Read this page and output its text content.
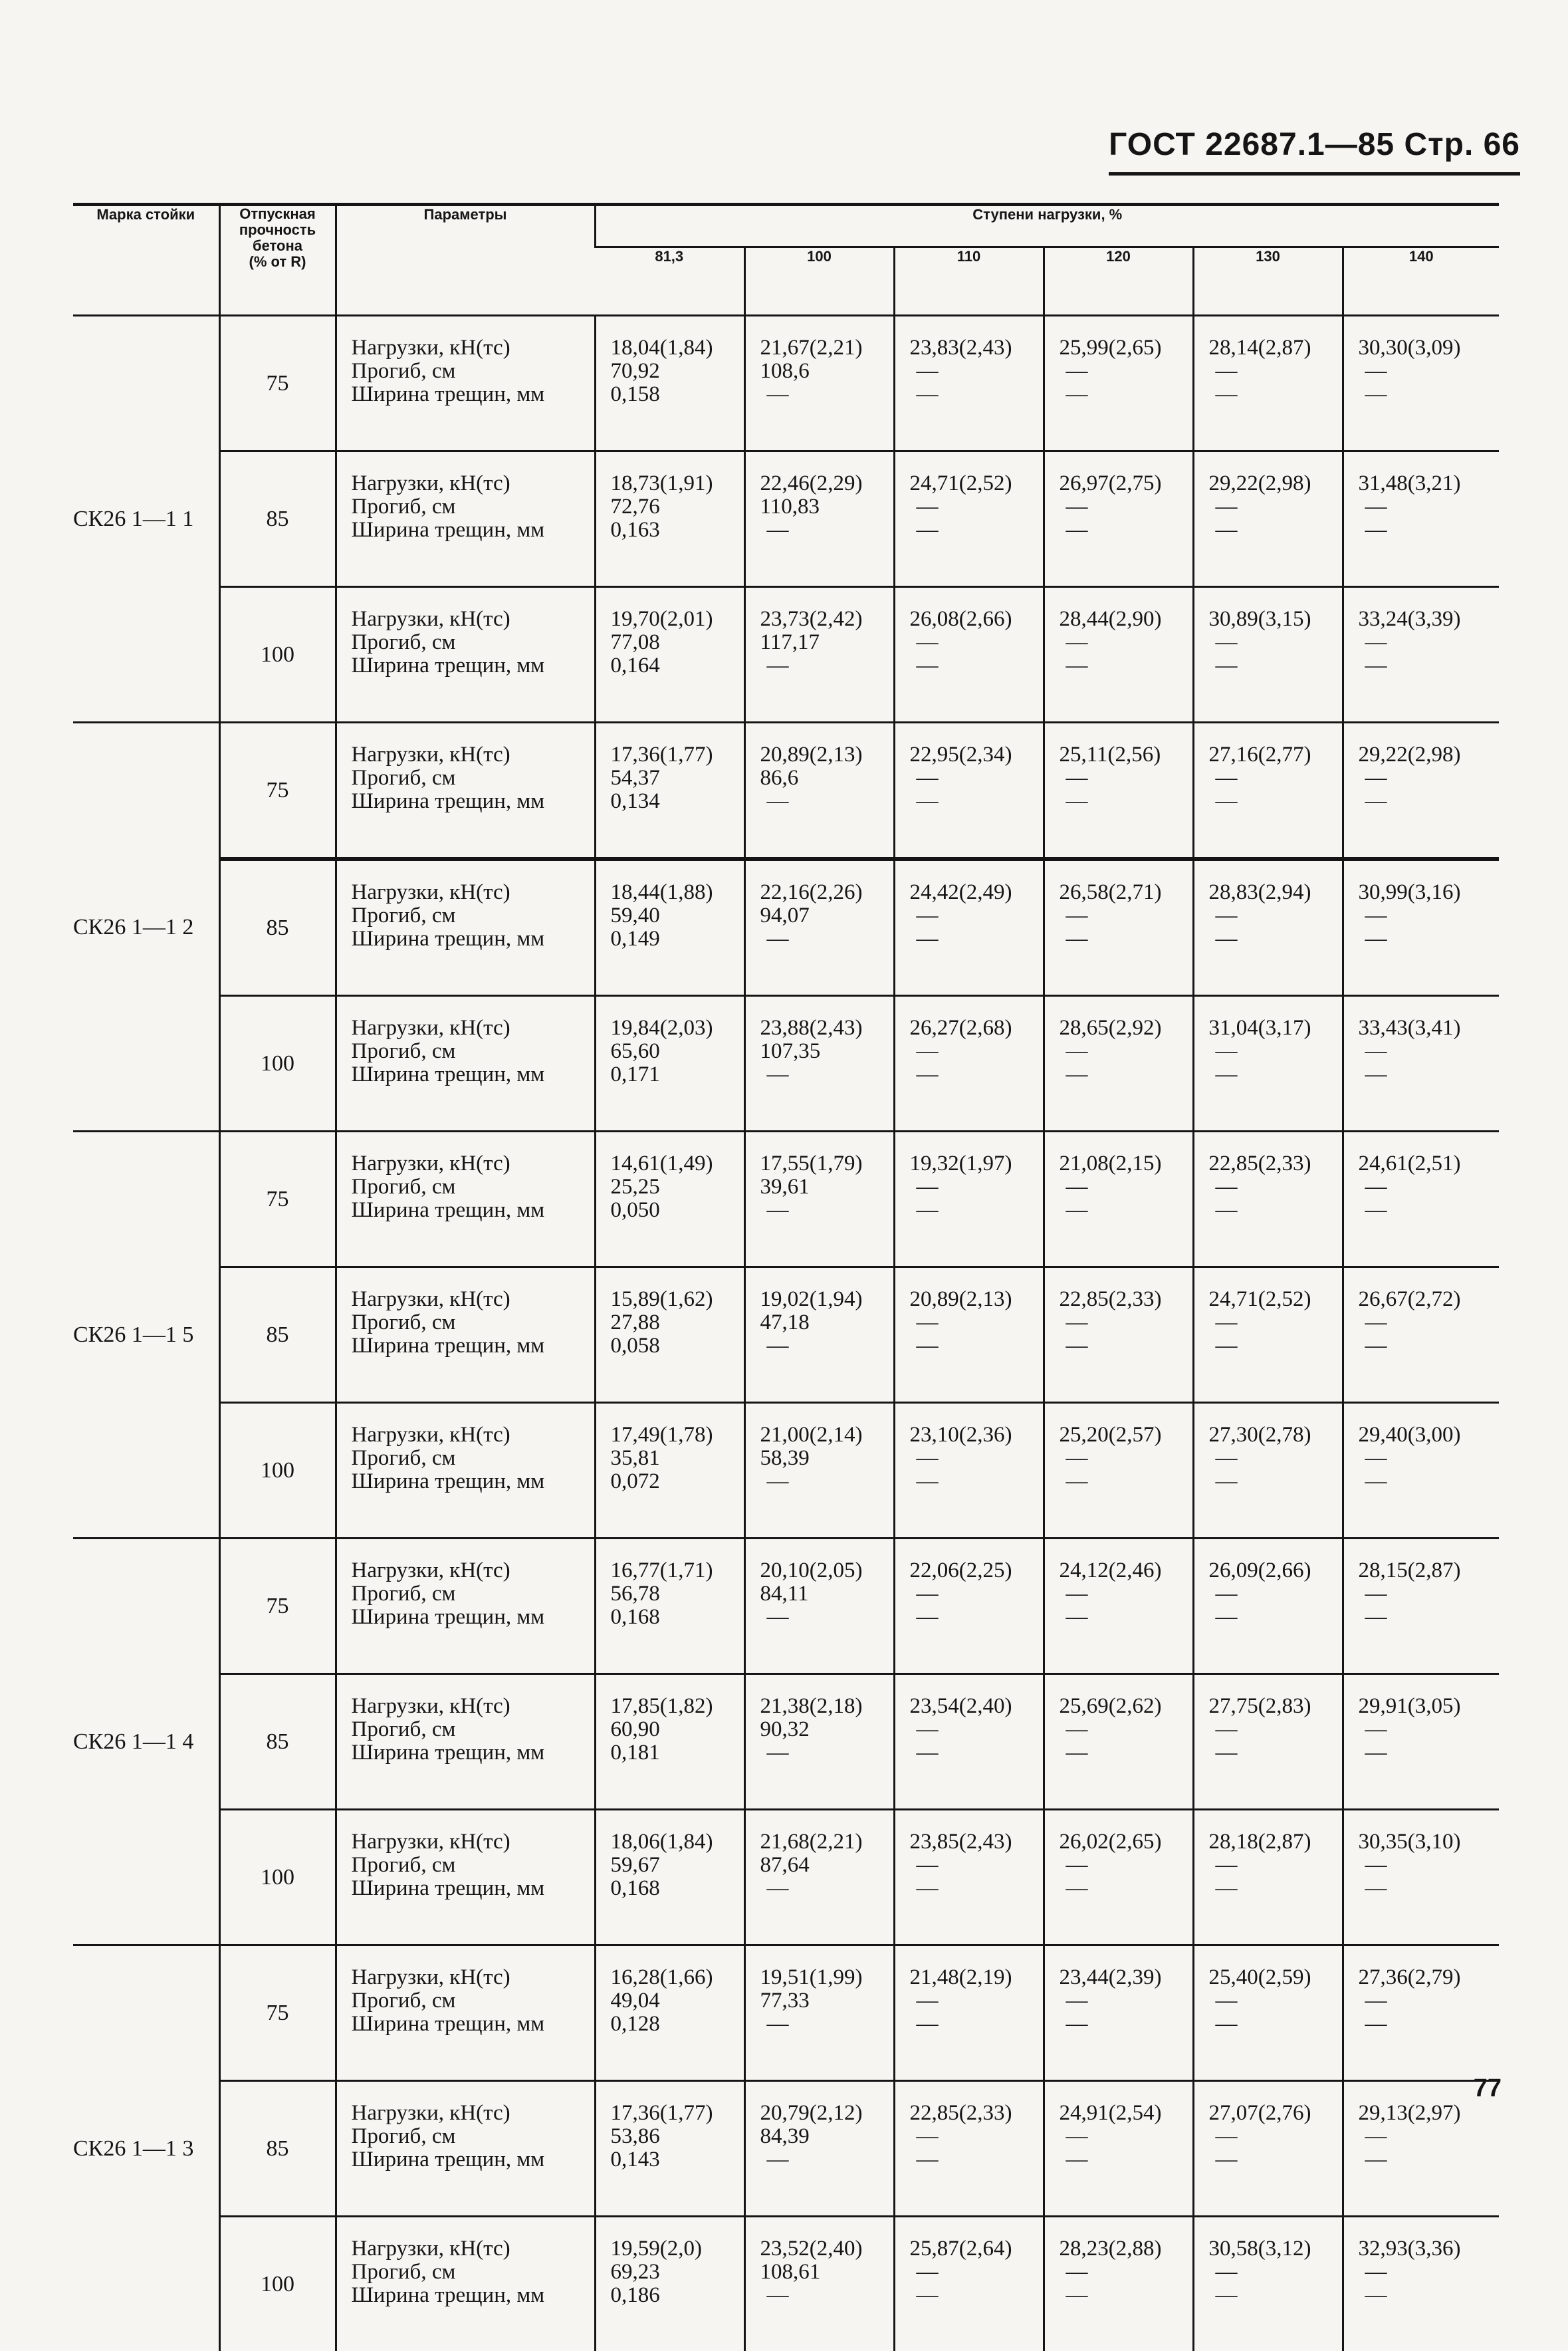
ГОСТ 22687.1—85 Стр. 66
Марка стойки	Отпускная
прочность
бетона
(% от R)	Параметры	Ступени нагрузки, %					
			81,3	100	110	120	130	140
СК26 1—1 1	75	Нагрузки, кН(тс)
Прогиб, см
Ширина трещин, мм	18,04(1,84)
70,92
0,158	21,67(2,21)
108,6
—	23,83(2,43)
—
—	25,99(2,65)
—
—	28,14(2,87)
—
—	30,30(3,09)
—
—

	85	Нагрузки, кН(тс)
Прогиб, см
Ширина трещин, мм	18,73(1,91)
72,76
0,163	22,46(2,29)
110,83
—	24,71(2,52)
—
—	26,97(2,75)
—
—	29,22(2,98)
—
—	31,48(3,21)
—
—

	100	Нагрузки, кН(тс)
Прогиб, см
Ширина трещин, мм	19,70(2,01)
77,08
0,164	23,73(2,42)
117,17
—	26,08(2,66)
—
—	28,44(2,90)
—
—	30,89(3,15)
—
—	33,24(3,39)
—
—

СК26 1—1 2	75	Нагрузки, кН(тс)
Прогиб, см
Ширина трещин, мм	17,36(1,77)
54,37
0,134	20,89(2,13)
86,6
—	22,95(2,34)
—
—	25,11(2,56)
—
—	27,16(2,77)
—
—	29,22(2,98)
—
—

	85	Нагрузки, кН(тс)
Прогиб, см
Ширина трещин, мм	18,44(1,88)
59,40
0,149	22,16(2,26)
94,07
—	24,42(2,49)
—
—	26,58(2,71)
—
—	28,83(2,94)
—
—	30,99(3,16)
—
—

	100	Нагрузки, кН(тс)
Прогиб, см
Ширина трещин, мм	19,84(2,03)
65,60
0,171	23,88(2,43)
107,35
—	26,27(2,68)
—
—	28,65(2,92)
—
—	31,04(3,17)
—
—	33,43(3,41)
—
—

СК26 1—1 5	75	Нагрузки, кН(тс)
Прогиб, см
Ширина трещин, мм	14,61(1,49)
25,25
0,050	17,55(1,79)
39,61
—	19,32(1,97)
—
—	21,08(2,15)
—
—	22,85(2,33)
—
—	24,61(2,51)
—
—

	85	Нагрузки, кН(тс)
Прогиб, см
Ширина трещин, мм	15,89(1,62)
27,88
0,058	19,02(1,94)
47,18
—	20,89(2,13)
—
—	22,85(2,33)
—
—	24,71(2,52)
—
—	26,67(2,72)
—
—

	100	Нагрузки, кН(тс)
Прогиб, см
Ширина трещин, мм	17,49(1,78)
35,81
0,072	21,00(2,14)
58,39
—	23,10(2,36)
—
—	25,20(2,57)
—
—	27,30(2,78)
—
—	29,40(3,00)
—
—

СК26 1—1 4	75	Нагрузки, кН(тс)
Прогиб, см
Ширина трещин, мм	16,77(1,71)
56,78
0,168	20,10(2,05)
84,11
—	22,06(2,25)
—
—	24,12(2,46)
—
—	26,09(2,66)
—
—	28,15(2,87)
—
—

	85	Нагрузки, кН(тс)
Прогиб, см
Ширина трещин, мм	17,85(1,82)
60,90
0,181	21,38(2,18)
90,32
—	23,54(2,40)
—
—	25,69(2,62)
—
—	27,75(2,83)
—
—	29,91(3,05)
—
—

	100	Нагрузки, кН(тс)
Прогиб, см
Ширина трещин, мм	18,06(1,84)
59,67
0,168	21,68(2,21)
87,64
—	23,85(2,43)
—
—	26,02(2,65)
—
—	28,18(2,87)
—
—	30,35(3,10)
—
—

СК26 1—1 3	75	Нагрузки, кН(тс)
Прогиб, см
Ширина трещин, мм	16,28(1,66)
49,04
0,128	19,51(1,99)
77,33
—	21,48(2,19)
—
—	23,44(2,39)
—
—	25,40(2,59)
—
—	27,36(2,79)
—
—

	85	Нагрузки, кН(тс)
Прогиб, см
Ширина трещин, мм	17,36(1,77)
53,86
0,143	20,79(2,12)
84,39
—	22,85(2,33)
—
—	24,91(2,54)
—
—	27,07(2,76)
—
—	29,13(2,97)
—
—

	100	Нагрузки, кН(тс)
Прогиб, см
Ширина трещин, мм	19,59(2,0)
69,23
0,186	23,52(2,40)
108,61
—	25,87(2,64)
—
—	28,23(2,88)
—
—	30,58(3,12)
—
—	32,93(3,36)
—
—
77
